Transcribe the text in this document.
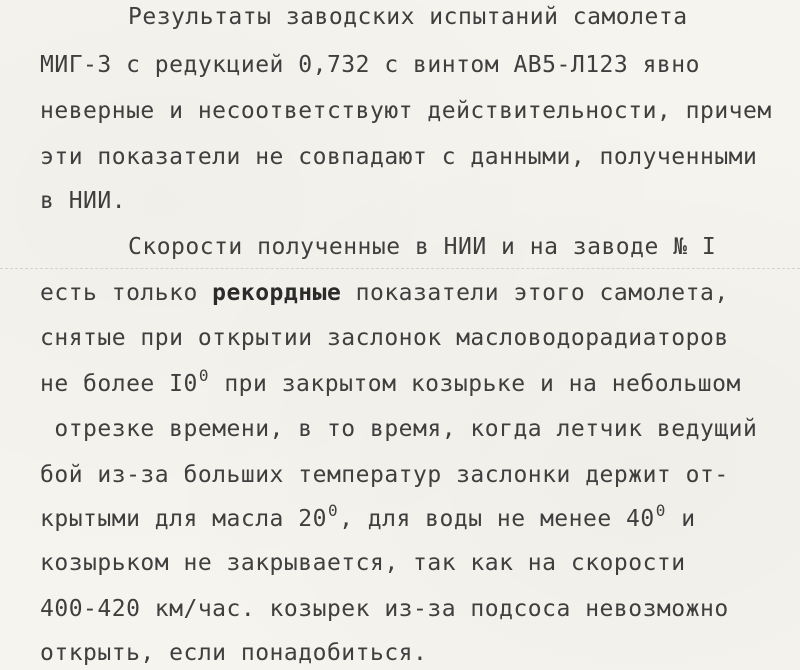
Результаты заводских испытаний самолета
МИГ-3 с редукцией 0,732 с винтом АВ5-Л123 явно
неверные и несоответствуют действительности, причем
эти показатели не совпадают с данными, полученными
в НИИ.
Скорости полученные в НИИ и на заводе № I
есть только рекордные показатели этого самолета,
снятые при открытии заслонок масловодорадиаторов
не более $I0^0$ при закрытом козырьке и на небольшом
отрезке времени, в то время, когда летчик ведущий
бой из-за больших температур заслонки держит от-
крытыми для масла $20^0$, для воды не менее $40^0$ и
козырьком не закрывается, так как на скорости
400-420 км/час. козырек из-за подсоса невозможно
открыть, если понадобиться.
